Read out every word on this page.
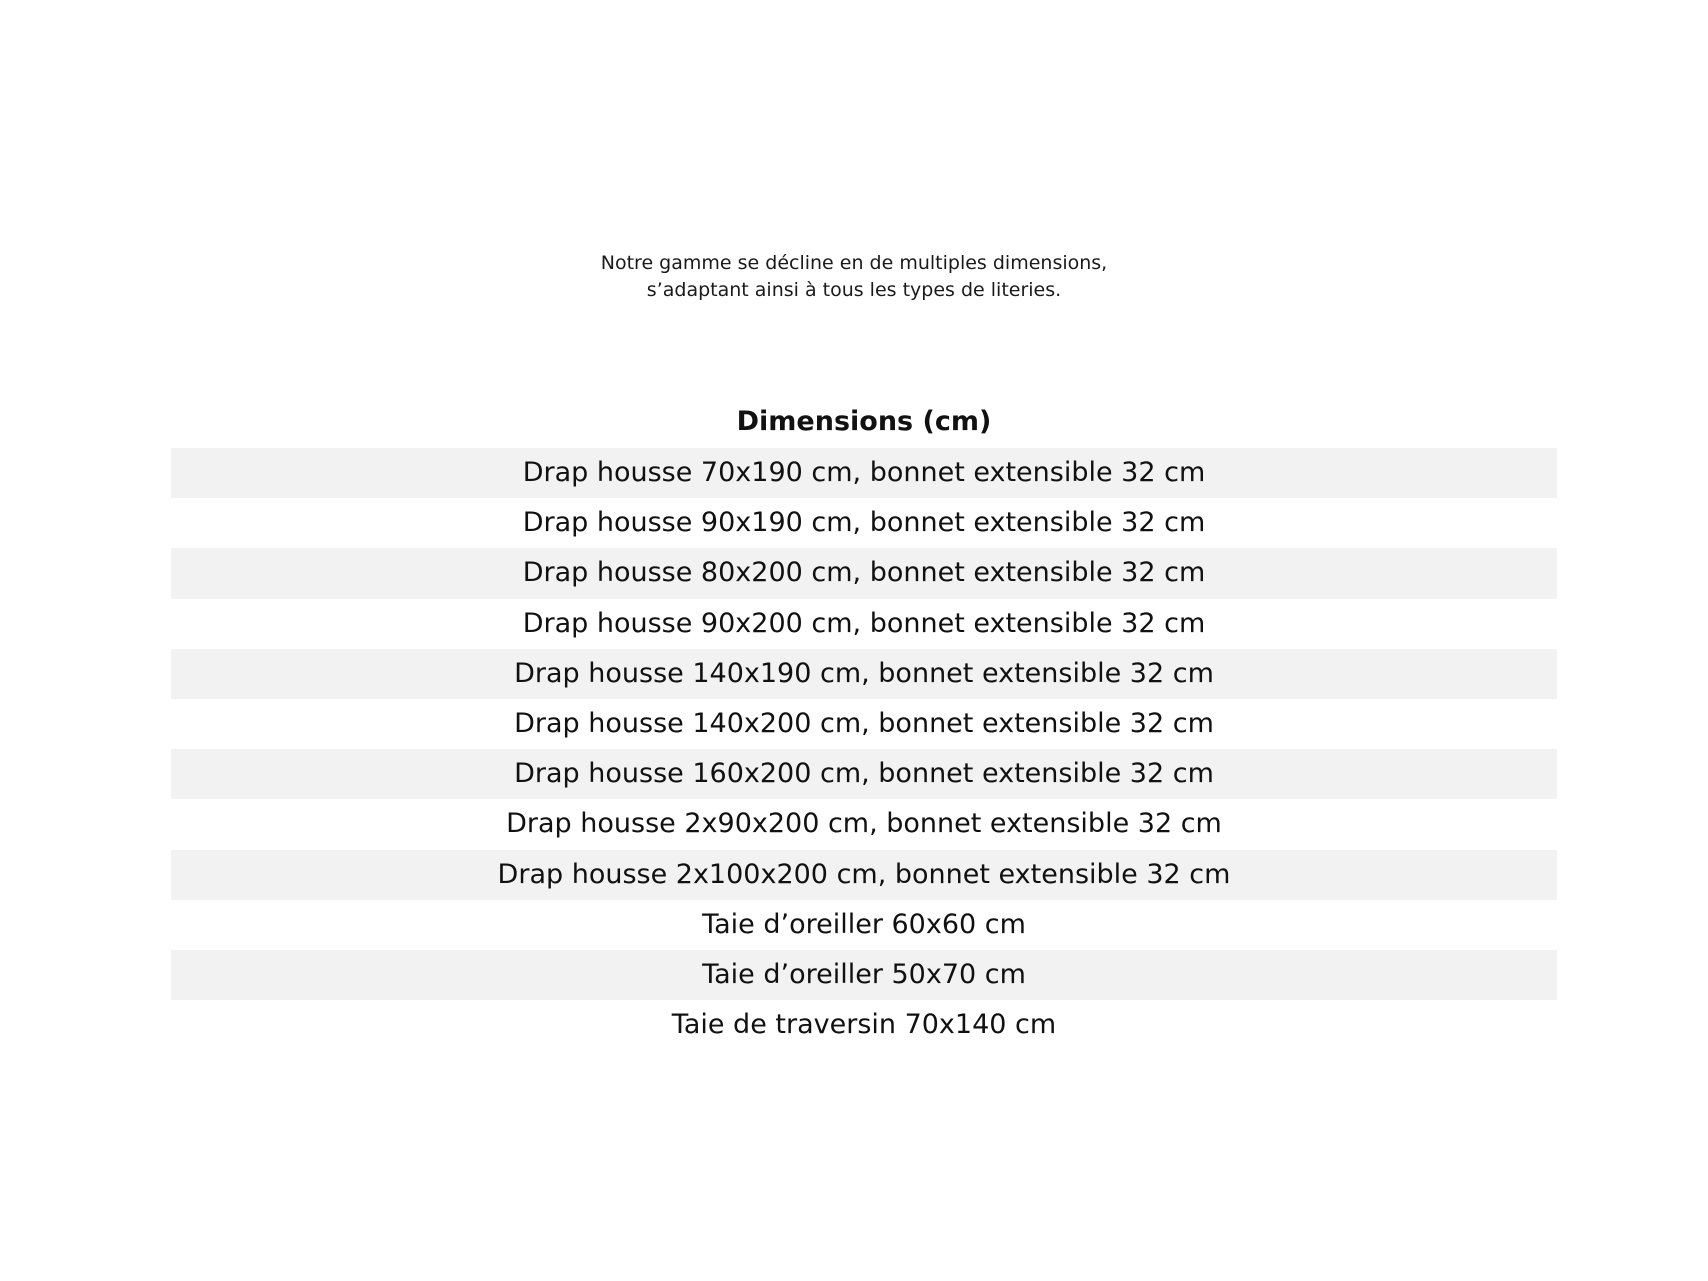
Notre gamme se décline en de multiples dimensions,
s’adaptant ainsi à tous les types de literies.
Dimensions (cm)
Drap housse 70x190 cm, bonnet extensible 32 cm
Drap housse 90x190 cm, bonnet extensible 32 cm
Drap housse 80x200 cm, bonnet extensible 32 cm
Drap housse 90x200 cm, bonnet extensible 32 cm
Drap housse 140x190 cm, bonnet extensible 32 cm
Drap housse 140x200 cm, bonnet extensible 32 cm
Drap housse 160x200 cm, bonnet extensible 32 cm
Drap housse 2x90x200 cm, bonnet extensible 32 cm
Drap housse 2x100x200 cm, bonnet extensible 32 cm
Taie d’oreiller 60x60 cm
Taie d’oreiller 50x70 cm
Taie de traversin 70x140 cm
